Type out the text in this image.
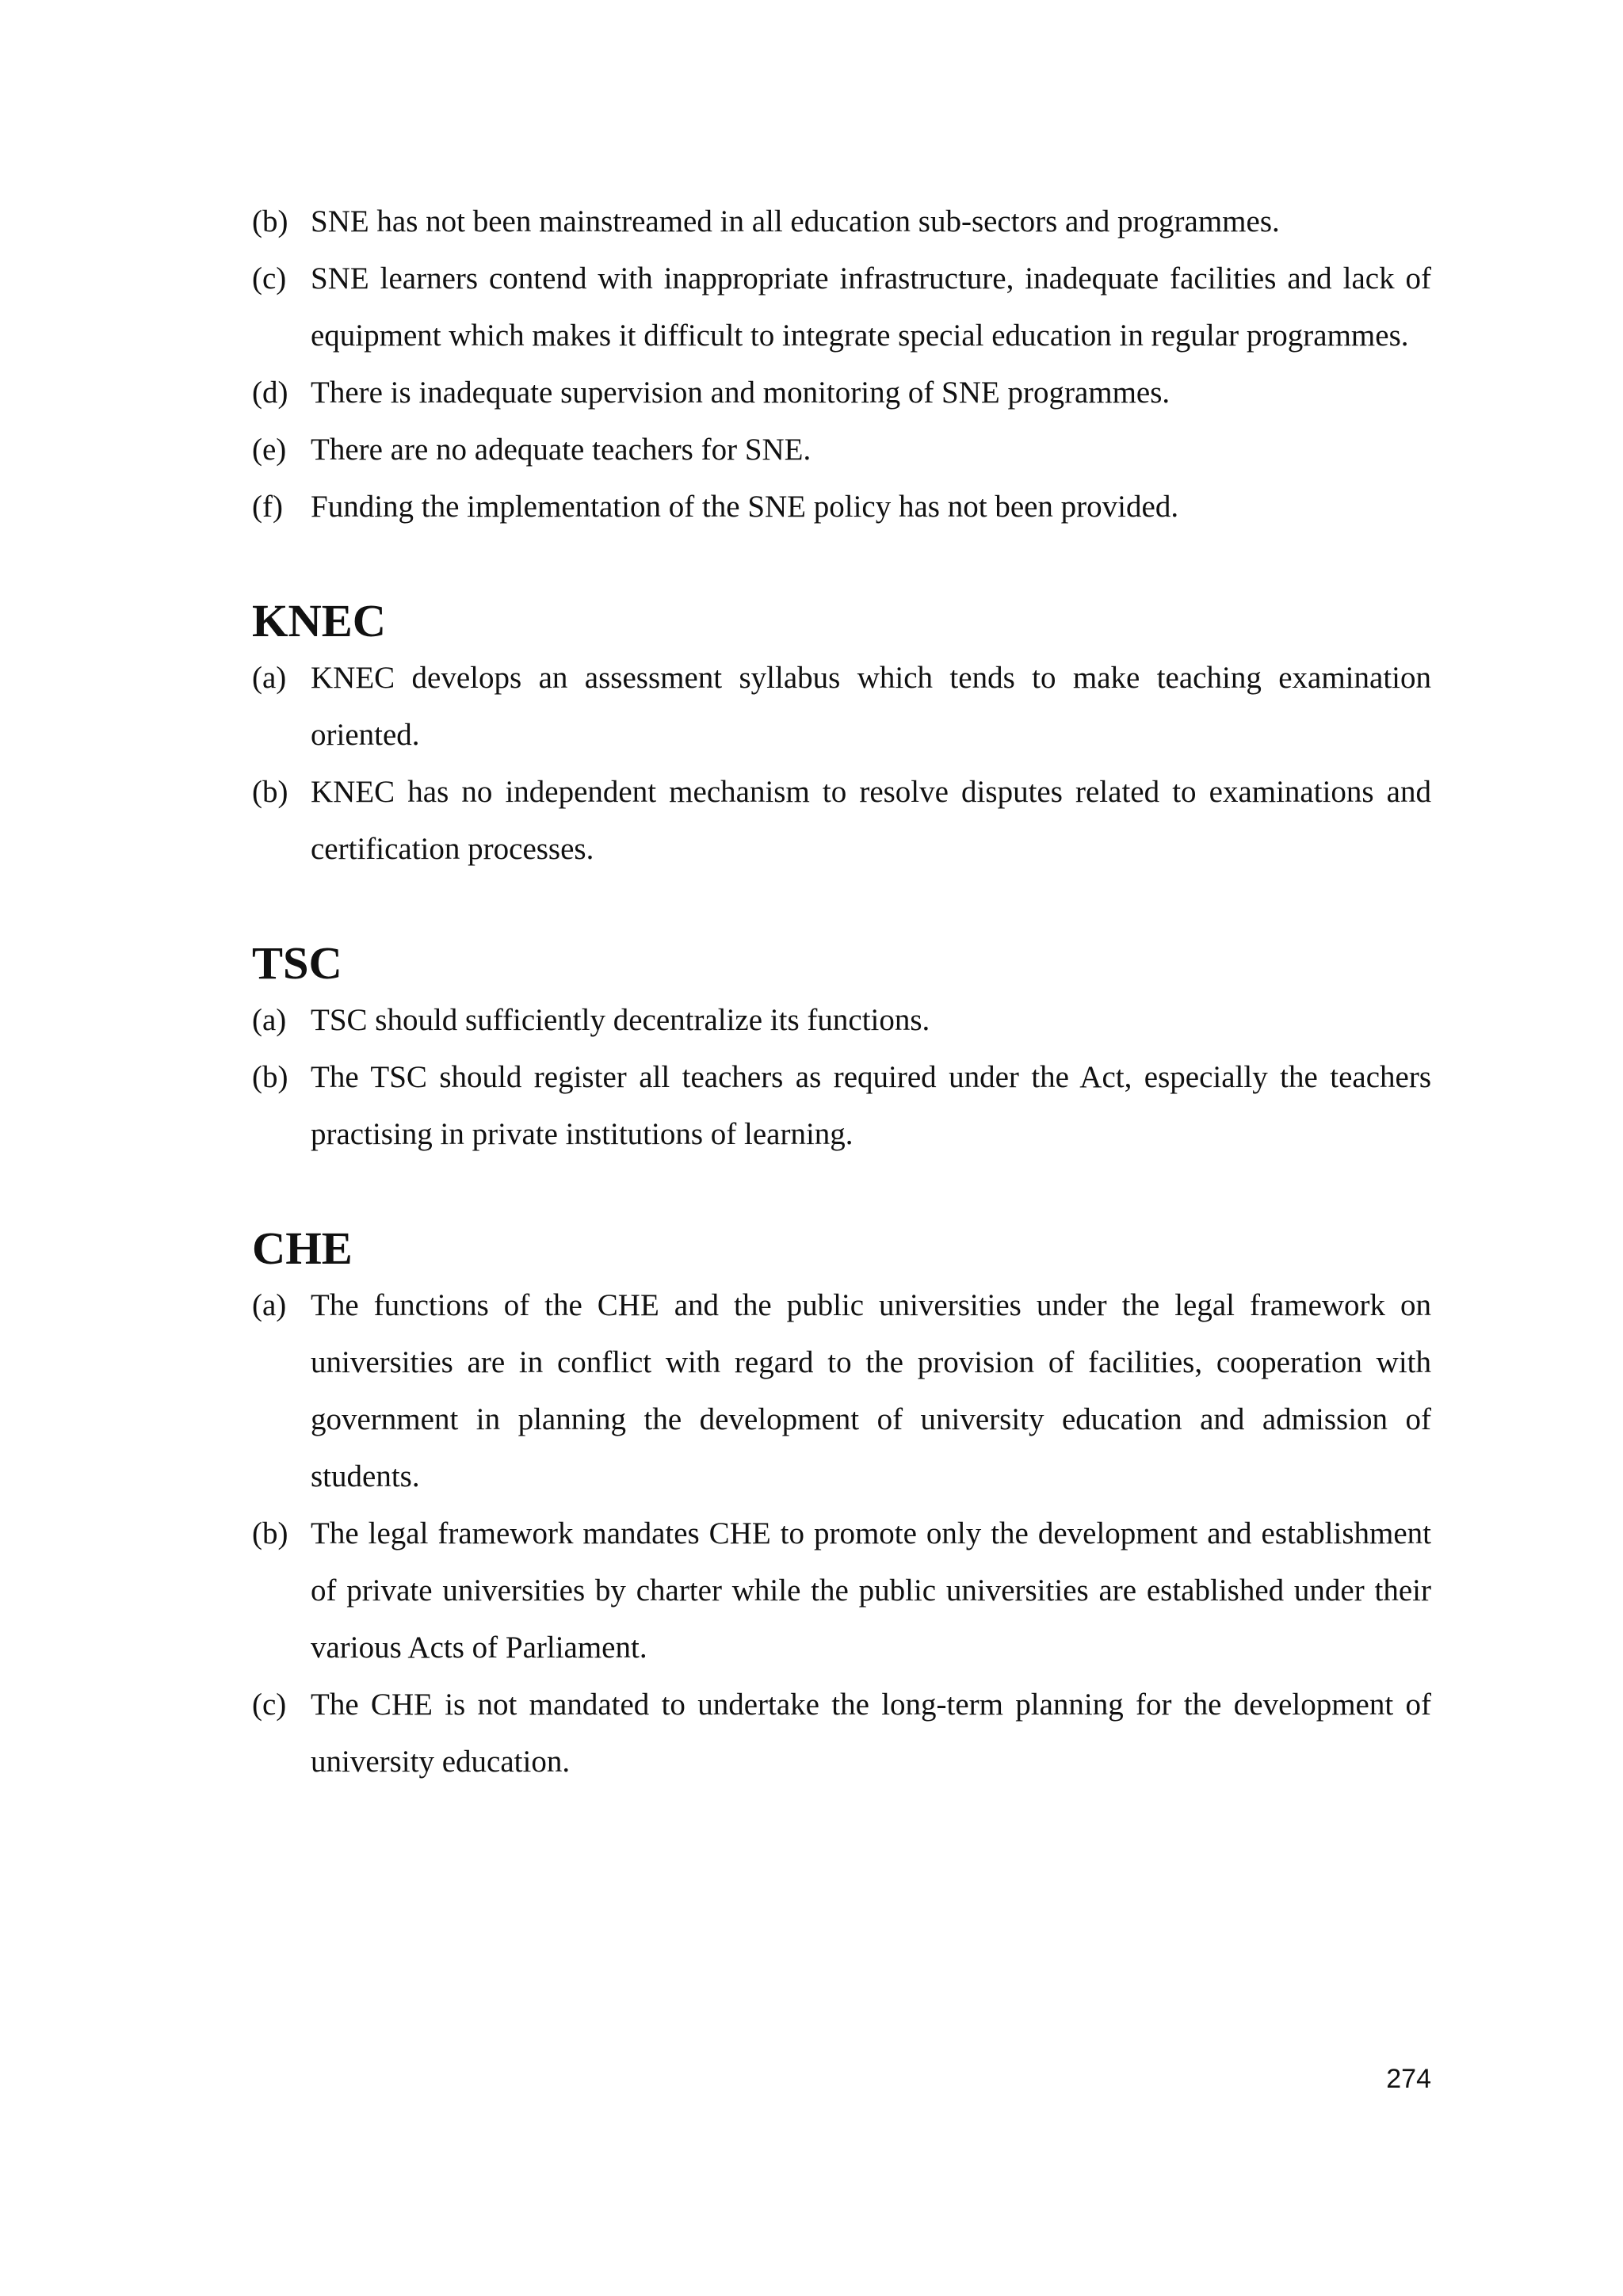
(b) SNE has not been mainstreamed in all education sub-sectors and programmes.
(c) SNE learners contend with inappropriate infrastructure, inadequate facilities and lack of equipment which makes it difficult to integrate special education in regular programmes.
(d) There is inadequate supervision and monitoring of SNE programmes.
(e) There are no adequate teachers for SNE.
(f) Funding the implementation of the SNE policy has not been provided.
KNEC
(a) KNEC develops an assessment syllabus which tends to make teaching examination oriented.
(b) KNEC has no independent mechanism to resolve disputes related to examinations and certification processes.
TSC
(a) TSC should sufficiently decentralize its functions.
(b) The TSC should register all teachers as required under the Act, especially the teachers practising in private institutions of learning.
CHE
(a) The functions of the CHE and the public universities under the legal framework on universities are in conflict with regard to the provision of facilities, cooperation with government in planning the development of university education and admission of students.
(b) The legal framework mandates CHE to promote only the development and establishment of private universities by charter while the public universities are established under their various Acts of Parliament.
(c) The CHE is not mandated to undertake the long-term planning for the development of university education.
274
